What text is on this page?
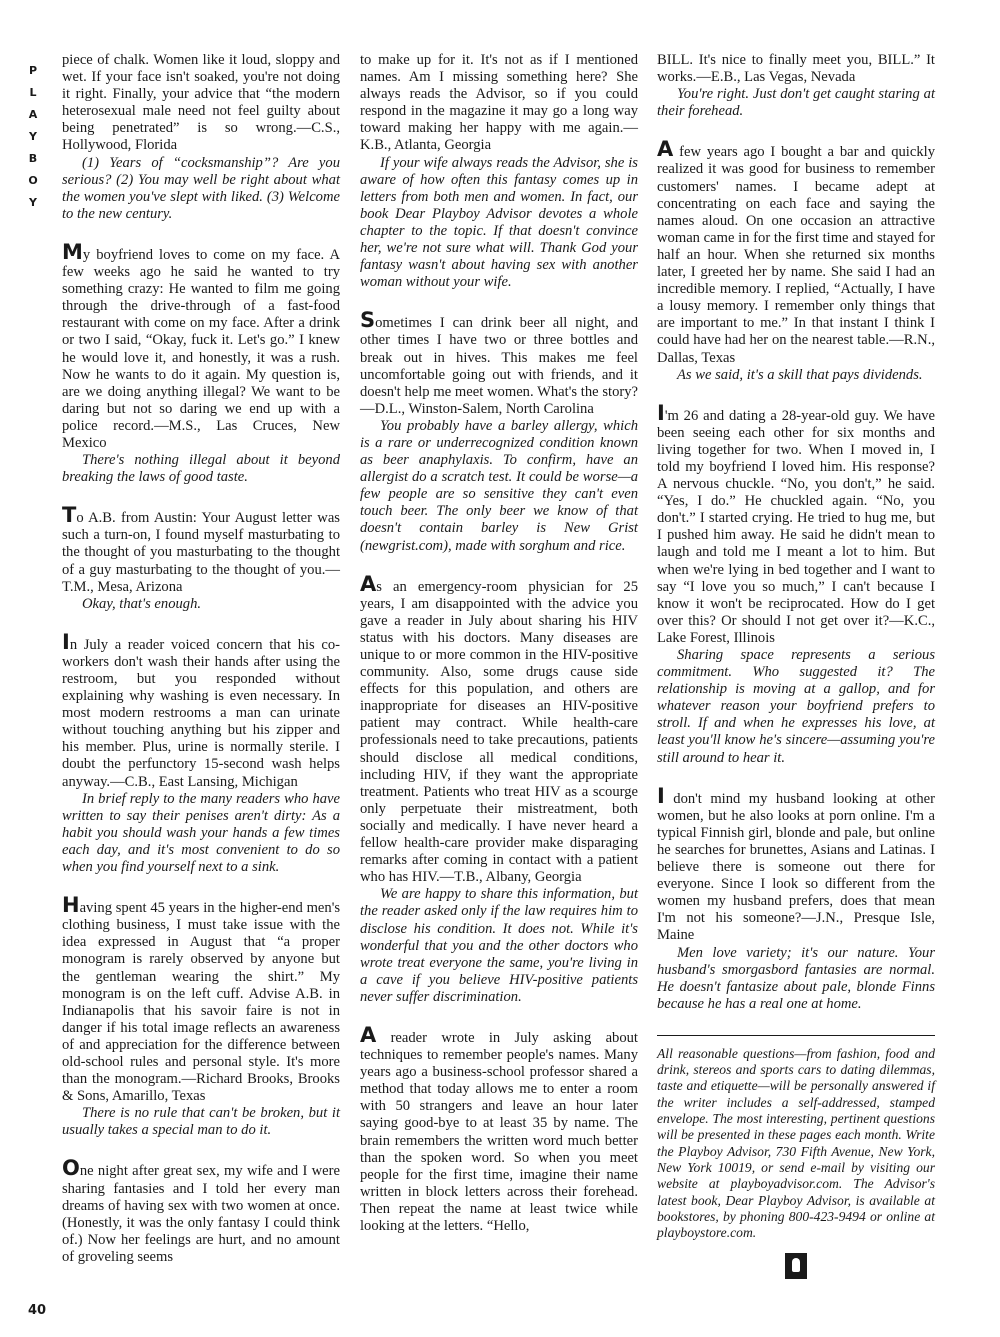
P
L
A
Y
B
O
Y

piece of chalk. Women like it loud, sloppy and wet. If your face isn't soaked, you're not doing it right. Finally, your advice that “the modern heterosexual male need not feel guilty about being penetrated” is so wrong.—C.S., Hollywood, Florida

(1) Years of “cocksmanship”? Are you serious? (2) You may well be right about what the women you've slept with liked. (3) Welcome to the new century.

My boyfriend loves to come on my face. A few weeks ago he said he wanted to try something crazy: He wanted to film me going through the drive-through of a fast-food restaurant with come on my face. After a drink or two I said, “Okay, fuck it. Let's go.” I knew he would love it, and honestly, it was a rush. Now he wants to do it again. My question is, are we doing anything illegal? We want to be daring but not so daring we end up with a police record.—M.S., Las Cruces, New Mexico

There's nothing illegal about it beyond breaking the laws of good taste.

To A.B. from Austin: Your August letter was such a turn-on, I found myself masturbating to the thought of you masturbating to the thought of a guy masturbating to the thought of you.—T.M., Mesa, Arizona

Okay, that's enough.

In July a reader voiced concern that his co-workers don't wash their hands after using the restroom, but you responded without explaining why washing is even necessary. In most modern restrooms a man can urinate without touching anything but his zipper and his member. Plus, urine is normally sterile. I doubt the perfunctory 15-second wash helps anyway.—C.B., East Lansing, Michigan

In brief reply to the many readers who have written to say their penises aren't dirty: As a habit you should wash your hands a few times each day, and it's most convenient to do so when you find yourself next to a sink.

Having spent 45 years in the higher-end men's clothing business, I must take issue with the idea expressed in August that “a proper monogram is rarely observed by anyone but the gentleman wearing the shirt.” My monogram is on the left cuff. Advise A.B. in Indianapolis that his savoir faire is not in danger if his total image reflects an awareness of and appreciation for the difference between old-school rules and personal style. It's more than the monogram.—Richard Brooks, Brooks & Sons, Amarillo, Texas

There is no rule that can't be broken, but it usually takes a special man to do it.

One night after great sex, my wife and I were sharing fantasies and I told her every man dreams of having sex with two women at once. (Honestly, it was the only fantasy I could think of.) Now her feelings are hurt, and no amount of groveling seems

to make up for it. It's not as if I mentioned names. Am I missing something here? She always reads the Advisor, so if you could respond in the magazine it may go a long way toward making her happy with me again.—K.B., Atlanta, Georgia

If your wife always reads the Advisor, she is aware of how often this fantasy comes up in letters from both men and women. In fact, our book Dear Playboy Advisor devotes a whole chapter to the topic. If that doesn't convince her, we're not sure what will. Thank God your fantasy wasn't about having sex with another woman without your wife.

Sometimes I can drink beer all night, and other times I have two or three bottles and break out in hives. This makes me feel uncomfortable going out with friends, and it doesn't help me meet women. What's the story?—D.L., Winston-Salem, North Carolina

You probably have a barley allergy, which is a rare or underrecognized condition known as beer anaphylaxis. To confirm, have an allergist do a scratch test. It could be worse—a few people are so sensitive they can't even touch beer. The only beer we know of that doesn't contain barley is New Grist (newgrist.com), made with sorghum and rice.

As an emergency-room physician for 25 years, I am disappointed with the advice you gave a reader in July about sharing his HIV status with his doctors. Many diseases are unique to or more common in the HIV-positive community. Also, some drugs cause side effects for this population, and others are inappropriate for diseases an HIV-positive patient may contract. While health-care professionals need to take precautions, patients should disclose all medical conditions, including HIV, if they want the appropriate treatment. Patients who treat HIV as a scourge only perpetuate their mistreatment, both socially and medically. I have never heard a fellow health-care provider make disparaging remarks after coming in contact with a patient who has HIV.—T.B., Albany, Georgia

We are happy to share this information, but the reader asked only if the law requires him to disclose his condition. It does not. While it's wonderful that you and the other doctors who wrote treat everyone the same, you're living in a cave if you believe HIV-positive patients never suffer discrimination.

A reader wrote in July asking about techniques to remember people's names. Many years ago a business-school professor shared a method that today allows me to enter a room with 50 strangers and leave an hour later saying good-bye to at least 35 by name. The brain remembers the written word much better than the spoken word. So when you meet people for the first time, imagine their name written in block letters across their forehead. Then repeat the name at least twice while looking at the letters. “Hello,

BILL. It's nice to finally meet you, BILL.” It works.—E.B., Las Vegas, Nevada

You're right. Just don't get caught staring at their forehead.

A few years ago I bought a bar and quickly realized it was good for business to remember customers' names. I became adept at concentrating on each face and saying the names aloud. On one occasion an attractive woman came in for the first time and stayed for half an hour. When she returned six months later, I greeted her by name. She said I had an incredible memory. I replied, “Actually, I have a lousy memory. I remember only things that are important to me.” In that instant I think I could have had her on the nearest table.—R.N., Dallas, Texas

As we said, it's a skill that pays dividends.

I'm 26 and dating a 28-year-old guy. We have been seeing each other for six months and living together for two. When I moved in, I told my boyfriend I loved him. His response? A nervous chuckle. “No, you don't,” he said. “Yes, I do.” He chuckled again. “No, you don't.” I started crying. He tried to hug me, but I pushed him away. He said he didn't mean to laugh and told me I meant a lot to him. But when we're lying in bed together and I want to say “I love you so much,” I can't because I know it won't be reciprocated. How do I get over this? Or should I not get over it?—K.C., Lake Forest, Illinois

Sharing space represents a serious commitment. Who suggested it? The relationship is moving at a gallop, and for whatever reason your boyfriend prefers to stroll. If and when he expresses his love, at least you'll know he's sincere—assuming you're still around to hear it.

I don't mind my husband looking at other women, but he also looks at porn online. I'm a typical Finnish girl, blonde and pale, but online he searches for brunettes, Asians and Latinas. I believe there is someone out there for everyone. Since I look so different from the women my husband prefers, does that mean I'm not his someone?—J.N., Presque Isle, Maine

Men love variety; it's our nature. Your husband's smorgasbord fantasies are normal. He doesn't fantasize about pale, blonde Finns because he has a real one at home.

All reasonable questions—from fashion, food and drink, stereos and sports cars to dating dilemmas, taste and etiquette—will be personally answered if the writer includes a self-addressed, stamped envelope. The most interesting, pertinent questions will be presented in these pages each month. Write the Playboy Advisor, 730 Fifth Avenue, New York, New York 10019, or send e-mail by visiting our website at playboyadvisor.com. The Advisor's latest book, Dear Playboy Advisor, is available at bookstores, by phoning 800-423-9494 or online at playboystore.com.

40
